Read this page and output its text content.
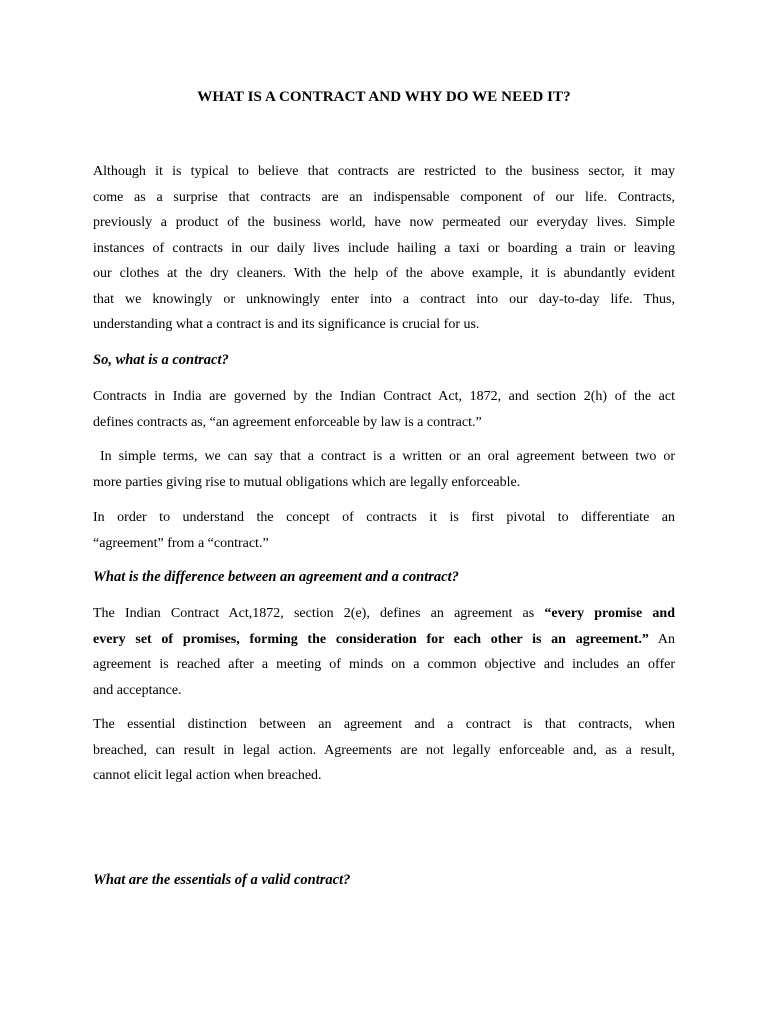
WHAT IS A CONTRACT AND WHY DO WE NEED IT?
Although it is typical to believe that contracts are restricted to the business sector, it may
come as a surprise that contracts are an indispensable component of our life. Contracts,
previously a product of the business world, have now permeated our everyday lives. Simple
instances of contracts in our daily lives include hailing a taxi or boarding a train or leaving
our clothes at the dry cleaners. With the help of the above example, it is abundantly evident
that we knowingly or unknowingly enter into a contract into our day-to-day life. Thus,
understanding what a contract is and its significance is crucial for us.
So, what is a contract?
Contracts in India are governed by the Indian Contract Act, 1872, and section 2(h) of the act
defines contracts as, “an agreement enforceable by law is a contract.”
In simple terms, we can say that a contract is a written or an oral agreement between two or
more parties giving rise to mutual obligations which are legally enforceable.
In order to understand the concept of contracts it is first pivotal to differentiate an
“agreement” from a “contract.”
What is the difference between an agreement and a contract?
The Indian Contract Act,1872, section 2(e), defines an agreement as “every promise and
every set of promises, forming the consideration for each other is an agreement.” An
agreement is reached after a meeting of minds on a common objective and includes an offer
and acceptance.
The essential distinction between an agreement and a contract is that contracts, when
breached, can result in legal action. Agreements are not legally enforceable and, as a result,
cannot elicit legal action when breached.
What are the essentials of a valid contract?
